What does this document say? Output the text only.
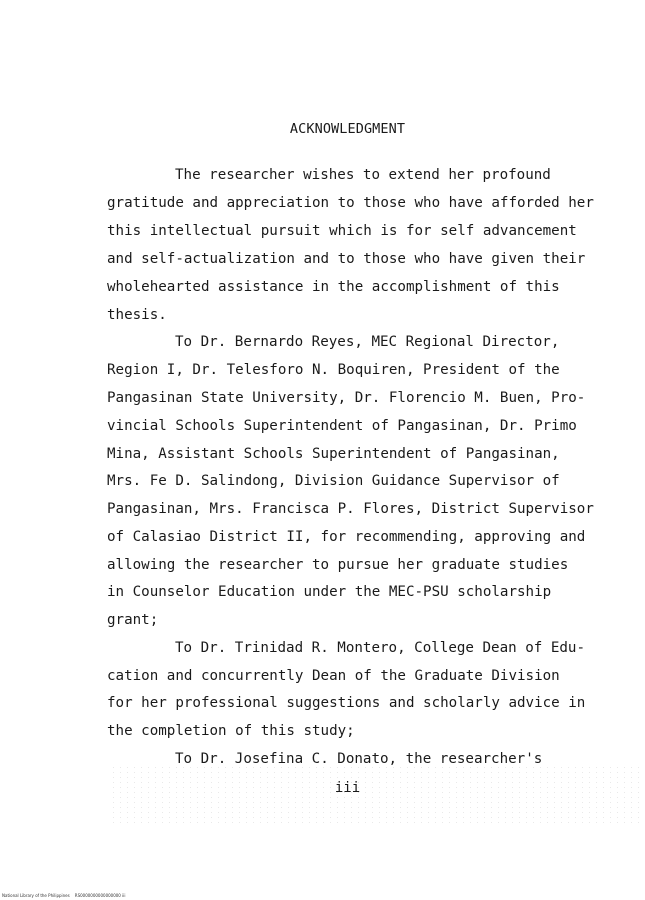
ACKNOWLEDGMENT
The researcher wishes to extend her profound
gratitude and appreciation to those who have afforded her
this intellectual pursuit which is for self advancement
and self-actualization and to those who have given their
wholehearted assistance in the accomplishment of this
thesis.
To Dr. Bernardo Reyes, MEC Regional Director,
Region I, Dr. Telesforo N. Boquiren, President of the
Pangasinan State University, Dr. Florencio M. Buen, Pro-
vincial Schools Superintendent of Pangasinan, Dr. Primo
Mina, Assistant Schools Superintendent of Pangasinan,
Mrs. Fe D. Salindong, Division Guidance Supervisor of
Pangasinan, Mrs. Francisca P. Flores, District Supervisor
of Calasiao District II, for recommending, approving and
allowing the researcher to pursue her graduate studies
in Counselor Education under the MEC-PSU scholarship
grant;
To Dr. Trinidad R. Montero, College Dean of Edu-
cation and concurrently Dean of the Graduate Division
for her professional suggestions and scholarly advice in
the completion of this study;
To Dr. Josefina C. Donato, the researcher's
iii
National Library of the Philippines    RS0000000000000000 iii
